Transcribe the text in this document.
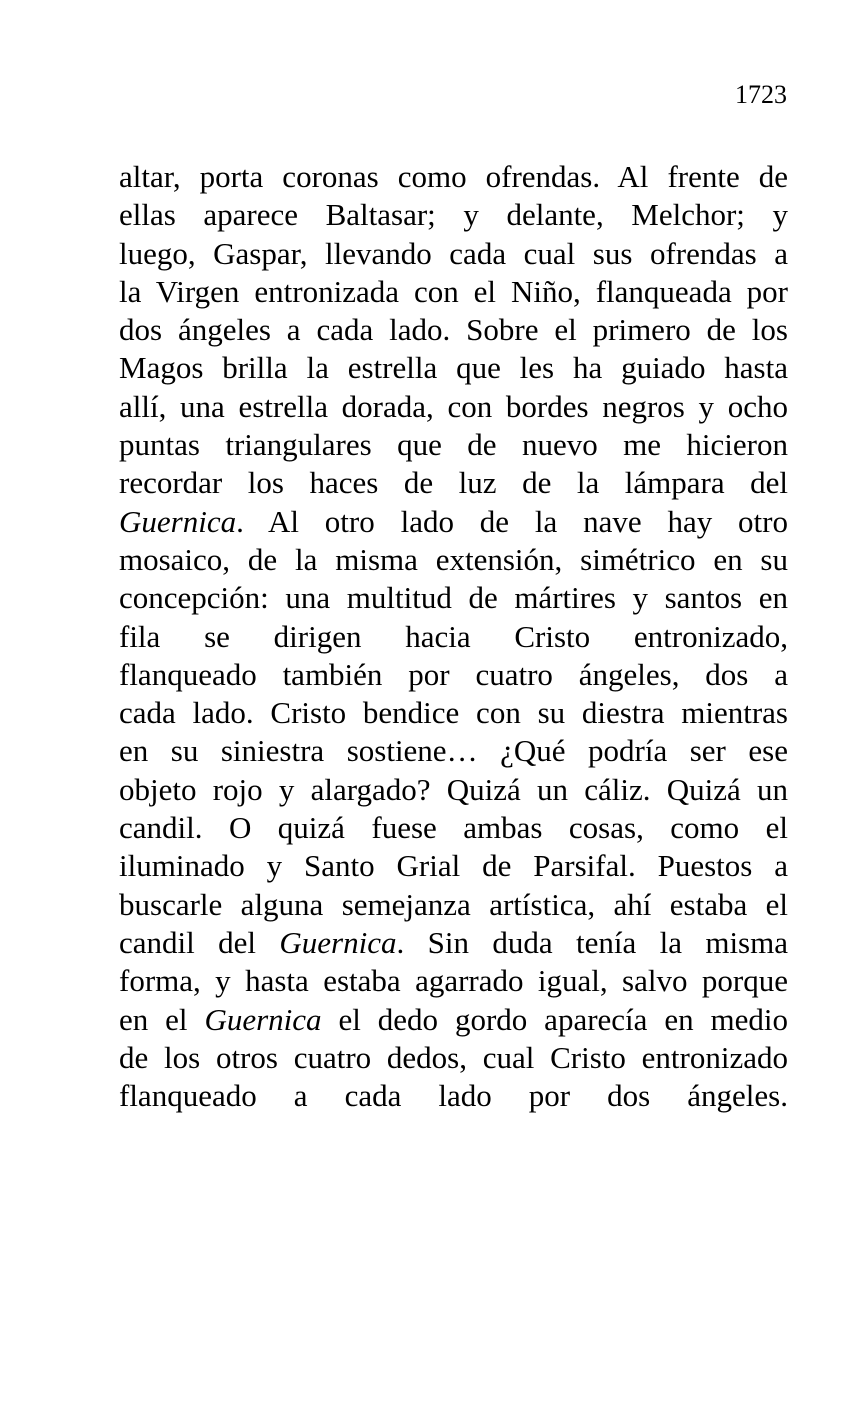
1723

altar, porta coronas como ofrendas. Al frente de
ellas aparece Baltasar; y delante, Melchor; y
luego, Gaspar, llevando cada cual sus ofrendas a
la Virgen entronizada con el Niño, flanqueada por
dos ángeles a cada lado. Sobre el primero de los
Magos brilla la estrella que les ha guiado hasta
allí, una estrella dorada, con bordes negros y ocho
puntas triangulares que de nuevo me hicieron
recordar los haces de luz de la lámpara del
Guernica. Al otro lado de la nave hay otro
mosaico, de la misma extensión, simétrico en su
concepción: una multitud de mártires y santos en
fila se dirigen hacia Cristo entronizado,
flanqueado también por cuatro ángeles, dos a
cada lado. Cristo bendice con su diestra mientras
en su siniestra sostiene… ¿Qué podría ser ese
objeto rojo y alargado? Quizá un cáliz. Quizá un
candil. O quizá fuese ambas cosas, como el
iluminado y Santo Grial de Parsifal. Puestos a
buscarle alguna semejanza artística, ahí estaba el
candil del Guernica. Sin duda tenía la misma
forma, y hasta estaba agarrado igual, salvo porque
en el Guernica el dedo gordo aparecía en medio
de los otros cuatro dedos, cual Cristo entronizado
flanqueado a cada lado por dos ángeles.
